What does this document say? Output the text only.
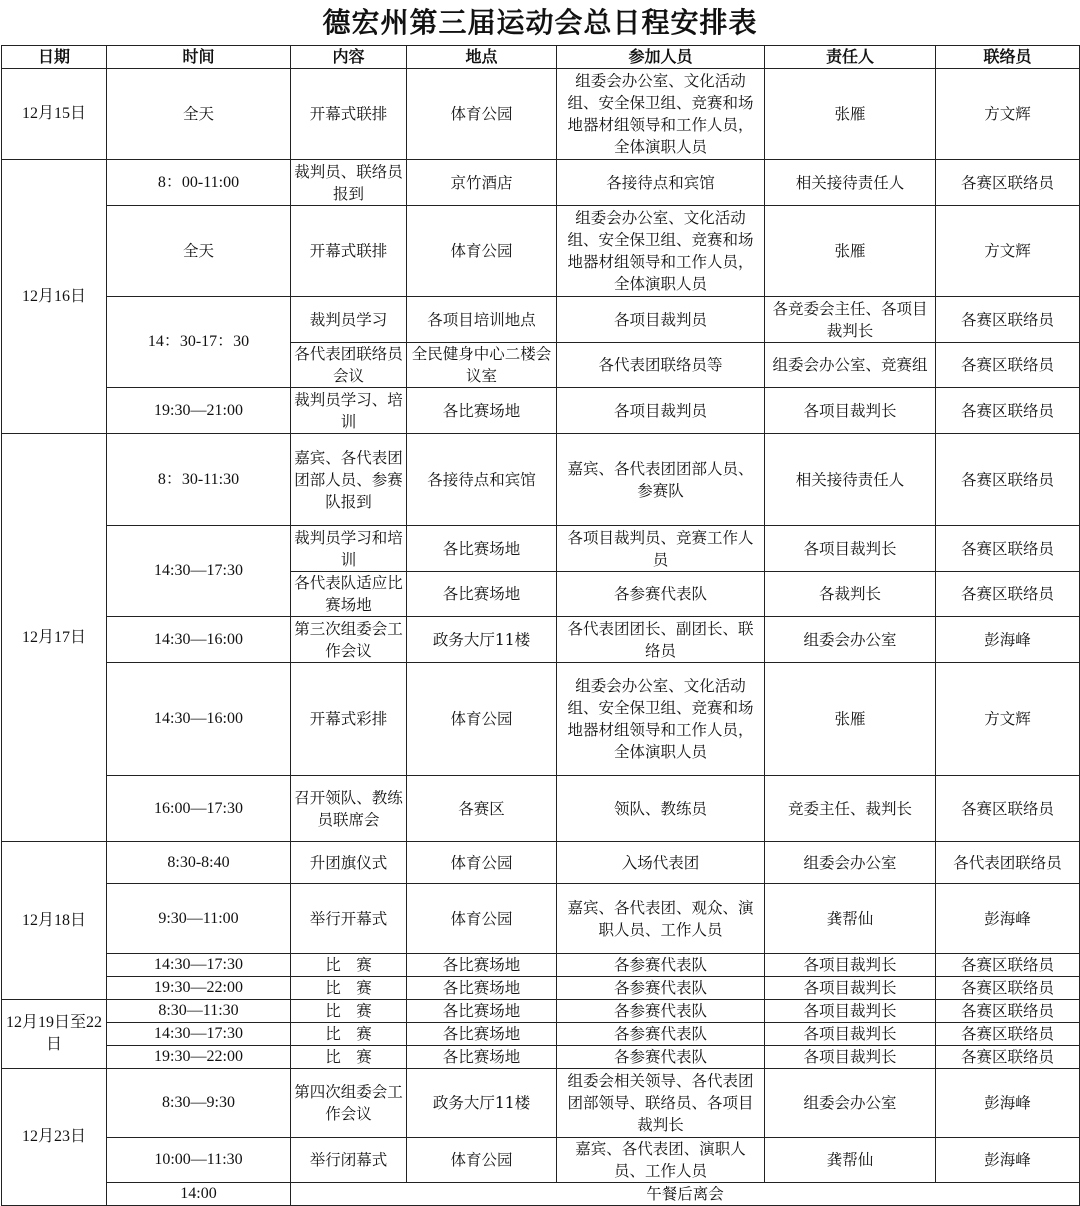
德宏州第三届运动会总日程安排表
日期	时间	内容	地点	参加人员	责任人	联络员
12月15日	全天	开幕式联排	体育公园	组委会办公室、文化活动组、安全保卫组、竞赛和场地器材组领导和工作人员，全体演职人员	张雁	方文辉
12月16日	8：00-11:00	裁判员、联络员报到	京竹酒店	各接待点和宾馆	相关接待责任人	各赛区联络员
	全天	开幕式联排	体育公园	组委会办公室、文化活动组、安全保卫组、竞赛和场地器材组领导和工作人员，全体演职人员	张雁	方文辉
	14：30-17：30	裁判员学习	各项目培训地点	各项目裁判员	各竞委会主任、各项目裁判长	各赛区联络员
		各代表团联络员会议	全民健身中心二楼会议室	各代表团联络员等	组委会办公室、竞赛组	各赛区联络员
	19:30—21:00	裁判员学习、培训	各比赛场地	各项目裁判员	各项目裁判长	各赛区联络员
12月17日	8：30-11:30	嘉宾、各代表团团部人员、参赛队报到	各接待点和宾馆	嘉宾、各代表团团部人员、参赛队	相关接待责任人	各赛区联络员
	14:30—17:30	裁判员学习和培训	各比赛场地	各项目裁判员、竞赛工作人员	各项目裁判长	各赛区联络员
		各代表队适应比赛场地	各比赛场地	各参赛代表队	各裁判长	各赛区联络员
	14:30—16:00	第三次组委会工作会议	政务大厅11楼	各代表团团长、副团长、联络员	组委会办公室	彭海峰
	14:30—16:00	开幕式彩排	体育公园	组委会办公室、文化活动组、安全保卫组、竞赛和场地器材组领导和工作人员，全体演职人员	张雁	方文辉
	16:00—17:30	召开领队、教练员联席会	各赛区	领队、教练员	竞委主任、裁判长	各赛区联络员
12月18日	8:30-8:40	升团旗仪式	体育公园	入场代表团	组委会办公室	各代表团联络员
	9:30—11:00	举行开幕式	体育公园	嘉宾、各代表团、观众、演职人员、工作人员	龚帮仙	彭海峰
	14:30—17:30	比　赛	各比赛场地	各参赛代表队	各项目裁判长	各赛区联络员
	19:30—22:00	比　赛	各比赛场地	各参赛代表队	各项目裁判长	各赛区联络员
12月19日至22日	8:30—11:30	比　赛	各比赛场地	各参赛代表队	各项目裁判长	各赛区联络员
	14:30—17:30	比　赛	各比赛场地	各参赛代表队	各项目裁判长	各赛区联络员
	19:30—22:00	比　赛	各比赛场地	各参赛代表队	各项目裁判长	各赛区联络员
12月23日	8:30—9:30	第四次组委会工作会议	政务大厅11楼	组委会相关领导、各代表团团部领导、联络员、各项目裁判长	组委会办公室	彭海峰
	10:00—11:30	举行闭幕式	体育公园	嘉宾、各代表团、演职人员、工作人员	龚帮仙	彭海峰
	14:00	午餐后离会				
